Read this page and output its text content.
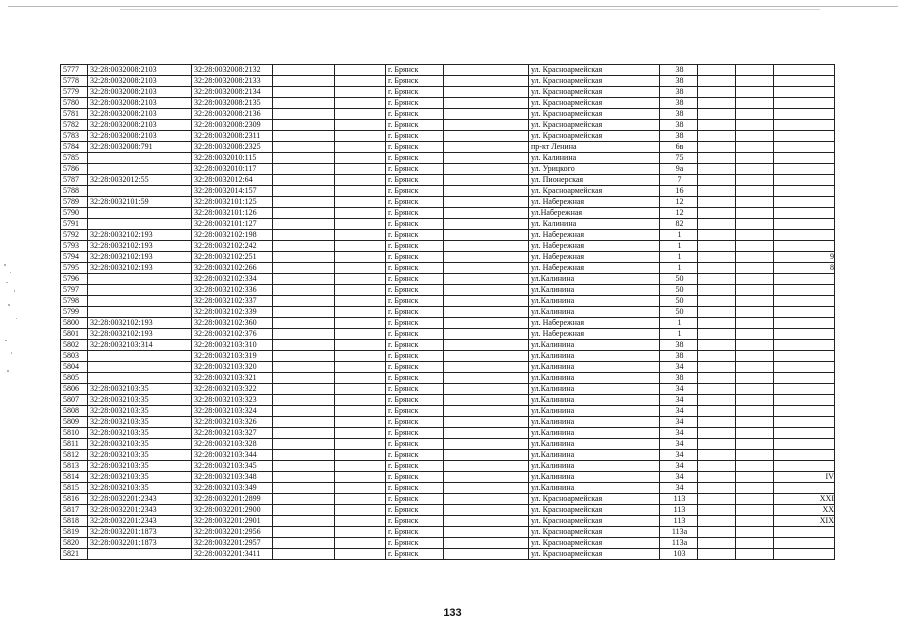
5777	32:28:0032008:2103	32:28:0032008:2132			г. Брянск		ул. Красноармейская	38			
5778	32:28:0032008:2103	32:28:0032008:2133			г. Брянск		ул. Красноармейская	38			
5779	32:28:0032008:2103	32:28:0032008:2134			г. Брянск		ул. Красноармейская	38			
5780	32:28:0032008:2103	32:28:0032008:2135			г. Брянск		ул. Красноармейская	38			
5781	32:28:0032008:2103	32:28:0032008:2136			г. Брянск		ул. Красноармейская	38			
5782	32:28:0032008:2103	32:28:0032008:2309			г. Брянск		ул. Красноармейская	38			
5783	32:28:0032008:2103	32:28:0032008:2311			г. Брянск		ул. Красноармейская	38			
5784	32:28:0032008:791	32:28:0032008:2325			г. Брянск		пр-кт Ленина	6в			
5785		32:28:0032010:115			г. Брянск		ул. Калинина	75			
5786		32:28:0032010:117			г. Брянск		ул. Урицкого	9а			
5787	32:28:0032012:55	32:28:0032012:64			г. Брянск		ул. Пионерская	7			
5788		32:28:0032014:157			г. Брянск		ул. Красноармейская	16			
5789	32:28:0032101:59	32:28:0032101:125			г. Брянск		ул. Набережная	12			
5790		32:28:0032101:126			г. Брянск		ул.Набережная	12			
5791		32:28:0032101:127			г. Брянск		ул. Калинина	82			
5792	32:28:0032102:193	32:28:0032102:198			г. Брянск		ул. Набережная	1			
5793	32:28:0032102:193	32:28:0032102:242			г. Брянск		ул. Набережная	1			
5794	32:28:0032102:193	32:28:0032102:251			г. Брянск		ул. Набережная	1			9
5795	32:28:0032102:193	32:28:0032102:266			г. Брянск		ул. Набережная	1			8
5796		32:28:0032102:334			г. Брянск		ул.Калинина	50			
5797		32:28:0032102:336			г. Брянск		ул.Калинина	50			
5798		32:28:0032102:337			г. Брянск		ул.Калинина	50			
5799		32:28:0032102:339			г. Брянск		ул.Калинина	50			
5800	32:28:0032102:193	32:28:0032102:360			г. Брянск		ул. Набережная	1			
5801	32:28:0032102:193	32:28:0032102:376			г. Брянск		ул. Набережная	1			
5802	32:28:0032103:314	32:28:0032103:310			г. Брянск		ул.Калинина	38			
5803		32:28:0032103:319			г. Брянск		ул.Калинина	38			
5804		32:28:0032103:320			г. Брянск		ул.Калинина	34			
5805		32:28:0032103:321			г. Брянск		ул.Калинина	38			
5806	32:28:0032103:35	32:28:0032103:322			г. Брянск		ул.Калинина	34			
5807	32:28:0032103:35	32:28:0032103:323			г. Брянск		ул.Калинина	34			
5808	32:28:0032103:35	32:28:0032103:324			г. Брянск		ул.Калинина	34			
5809	32:28:0032103:35	32:28:0032103:326			г. Брянск		ул.Калинина	34			
5810	32:28:0032103:35	32:28:0032103:327			г. Брянск		ул.Калинина	34			
5811	32:28:0032103:35	32:28:0032103:328			г. Брянск		ул.Калинина	34			
5812	32:28:0032103:35	32:28:0032103:344			г. Брянск		ул.Калинина	34			
5813	32:28:0032103:35	32:28:0032103:345			г. Брянск		ул.Калинина	34			
5814	32:28:0032103:35	32:28:0032103:348			г. Брянск		ул.Калинина	34			IV
5815	32:28:0032103:35	32:28:0032103:349			г. Брянск		ул.Калинина	34			
5816	32:28:0032201:2343	32:28:0032201:2899			г. Брянск		ул. Красноармейская	113			XXI
5817	32:28:0032201:2343	32:28:0032201:2900			г. Брянск		ул. Красноармейская	113			XX
5818	32:28:0032201:2343	32:28:0032201:2901			г. Брянск		ул. Красноармейская	113			XIX
5819	32:28:0032201:1873	32:28:0032201:2956			г. Брянск		ул. Красноармейская	113а			
5820	32:28:0032201:1873	32:28:0032201:2957			г. Брянск		ул. Красноармейская	113а			
5821		32:28:0032201:3411			г. Брянск		ул. Красноармейская	103			
133
